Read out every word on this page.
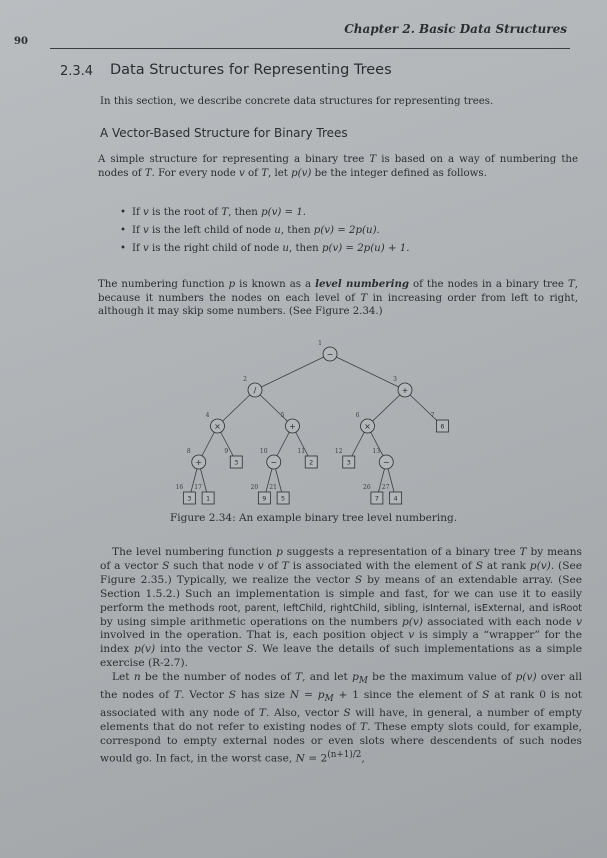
90
Chapter 2. Basic Data Structures
2.3.4 Data Structures for Representing Trees
In this section, we describe concrete data structures for representing trees.
A Vector-Based Structure for Binary Trees
A simple structure for representing a binary tree T is based on a way of numbering the nodes of T. For every node v of T, let p(v) be the integer defined as follows.
• If v is the root of T, then p(v) = 1.
• If v is the left child of node u, then p(v) = 2p(u).
• If v is the right child of node u, then p(v) = 2p(u) + 1.
The numbering function p is known as a level numbering of the nodes in a binary tree T, because it numbers the nodes on each level of T in increasing order from left to right, although it may skip some numbers. (See Figure 2.34.)
−
1
/
2
+
3
×
4
+
5
×
6
6
7
+
8
3
9
−
10
2
11
3
12
−
13
3
16
1
17
9
20
5
21
7
26
4
27
Figure 2.34: An example binary tree level numbering.

The level numbering function p suggests a representation of a binary tree T by means of a vector S such that node v of T is associated with the element of S at rank p(v). (See Figure 2.35.) Typically, we realize the vector S by means of an extendable array. (See Section 1.5.2.) Such an implementation is simple and fast, for we can use it to easily perform the methods root, parent, leftChild, rightChild, sibling, isInternal, isExternal, and isRoot by using simple arithmetic operations on the numbers p(v) associated with each node v involved in the operation. That is, each position object v is simply a “wrapper” for the index p(v) into the vector S. We leave the details of such implementations as a simple exercise (R-2.7).

Let n be the number of nodes of T, and let $p_M$ be the maximum value of p(v) over all the nodes of T. Vector S has size $N = p_M + 1$ since the element of S at rank 0 is not associated with any node of T. Also, vector S will have, in general, a number of empty elements that do not refer to existing nodes of T. These empty slots could, for example, correspond to empty external nodes or even slots where descendents of such nodes would go. In fact, in the worst case, $N = 2^{(n+1)/2}$,
